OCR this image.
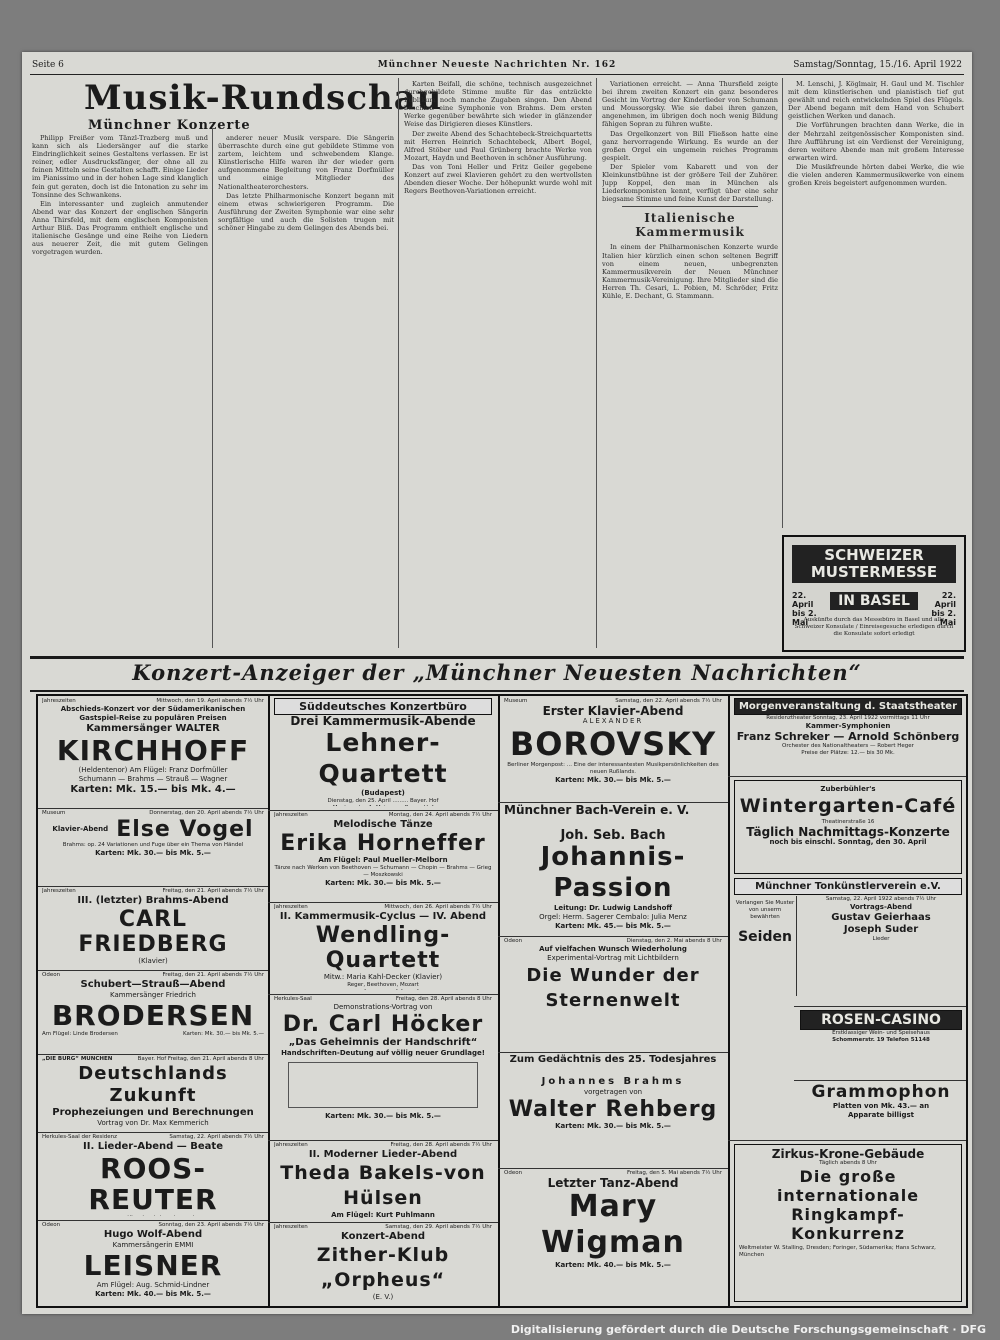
Seite 6	Münchner Neueste Nachrichten Nr. 162	Samstag/Sonntag, 15./16. April 1922
Musik-Rundschau
Münchner Konzerte

Philipp Freißer vom Tänzl-Trazberg muß und kann sich als Liedersänger auf die starke Eindringlichkeit seines Gestaltens verlassen. Er ist reiner, edler Ausdrucksfänger, der ohne all zu feinen Mitteln seine Gestalten schafft. Einige Lieder im Pianissimo und in der hohen Lage sind klanglich fein gut geraten, doch ist die Intonation zu sehr im Tonsinne des Schwankens.

Ein interessanter und zugleich anmutender Abend war das Konzert der englischen Sängerin Anna Thirsfeld, mit dem englischen Komponisten Arthur Bliß. Das Programm enthielt englische und italienische Gesänge und eine Reihe von Liedern aus neuerer Zeit, die mit gutem Gelingen vorgetragen wurden.

anderer neuer Musik verspare. Die Sängerin überraschte durch eine gut gebildete Stimme von zartem, leichtem und schwebendem Klange. Künstlerische Hilfe waren ihr der wieder gern aufgenommene Begleitung von Franz Dorfmüller und einige Mitglieder des Nationaltheaterorchesters.

Das letzte Philharmonische Konzert begann mit einem etwas schwierigeren Programm. Die Ausführung der Zweiten Symphonie war eine sehr sorgfältige und auch die Solisten trugen mit schöner Hingabe zu dem Gelingen des Abends bei.

Karten Beifall, die schöne, technisch ausgezeichnet durchgebildete Stimme mußte für das entzückte Publikum noch manche Zugaben singen. Den Abend beschloß eine Symphonie von Brahms. Dem ersten Werke gegenüber bewährte sich wieder in glänzender Weise das Dirigieren dieses Künstlers.

Der zweite Abend des Schachtebeck-Streichquartetts mit Herren Heinrich Schachtebeck, Albert Bogel, Alfred Stöber und Paul Grünberg brachte Werke von Mozart, Haydn und Beethoven in schöner Ausführung.

Das von Toni Heller und Fritz Geiler gegebene Konzert auf zwei Klavieren gehört zu den wertvollsten Abenden dieser Woche. Der höhepunkt wurde wohl mit Regers Beethoven-Variationen erreicht.

Variationen erreicht. — Anna Thursfield zeigte bei ihrem zweiten Konzert ein ganz besonderes Gesicht im Vortrag der Kinderlieder von Schumann und Moussorgsky. Wie sie dabei ihren ganzen, angenehmen, im übrigen doch noch wenig Bildung fähigen Sopran zu führen wußte.

Das Orgelkonzert von Bill Fließson hatte eine ganz hervorragende Wirkung. Es wurde an der großen Orgel ein ungemein reiches Programm gespielt.

Der Spieler vom Kabarett und von der Kleinkunstbühne ist der größere Teil der Zuhörer. Jupp Koppel, den man in München als Liederkomponisten kennt, verfügt über eine sehr biegsame Stimme und feine Kunst der Darstellung.

Italienische Kammermusik

In einem der Philharmonischen Konzerte wurde Italien hier kürzlich einen schon seltenen Begriff von einem neuen, unbegrenzten Kammermusikverein der Neuen Münchner Kammermusik-Vereinigung. Ihre Mitglieder sind die Herren Th. Cesari, L. Pobien, M. Schröder, Fritz Kühle, E. Dechant, G. Stammann.

M. Lenschi, J. Köglmair, H. Gaul und M. Tischler mit dem künstlerischen und pianistisch tief gut gewählt und reich entwickelnden Spiel des Flügels. Der Abend begann mit dem Hand von Schubert geistlichen Werken und danach.

Die Vorführungen brachten dann Werke, die in der Mehrzahl zeitgenössischer Komponisten sind. Ihre Aufführung ist ein Verdienst der Vereinigung, deren weitere Abende man mit großem Interesse erwarten wird.

Die Musikfreunde hörten dabei Werke, die wie die vielen anderen Kammermusikwerke von einem großen Kreis begeistert aufgenommen wurden.

SCHWEIZER
MUSTERMESSE
22. April bis 2. Mai
IN BASEL	22. April bis 2. Mai
Auskünfte durch das Messebüro in Basel und alle Schweizer Konsulate / Einreisegesuche erledigen durch die Konsulate sofort erledigt
Konzert-Anzeiger der „Münchner Neuesten Nachrichten“
Jahreszeiten	Mittwoch, den 19. April abends 7½ Uhr
Abschieds-Konzert vor der Südamerikanischen Gastspiel-Reise zu populären Preisen
Kammersänger WALTER
KIRCHHOFF
(Heldentenor) Am Flügel: Franz Dorfmüller
Schumann — Brahms — Strauß — Wagner
Karten: Mk. 15.— bis Mk. 4.—
Museum	Donnerstag, den 20. April abends 7½ Uhr
Klavier-Abend Else Vogel
Brahms: op. 24 Variationen und Fuge über ein Thema von Händel
Karten: Mk. 30.— bis Mk. 5.—
Jahreszeiten	Freitag, den 21. April abends 7½ Uhr
III. (letzter) Brahms-Abend
CARL FRIEDBERG
(Klavier)
Odeon	Freitag, den 21. April abends 7½ Uhr
Schubert—Strauß—Abend
Kammersänger Friedrich
BRODERSEN
Am Flügel: Linde Brodersen	Karten: Mk. 30.— bis Mk. 5.—
„DIE BURG“ MÜNCHEN	Bayer. Hof Freitag, den 21. April abends 8 Uhr
Deutschlands Zukunft
Prophezeiungen und Berechnungen
Vortrag von Dr. Max Kemmerich
Herkules-Saal der Residenz	Samstag, 22. April abends 7½ Uhr
II. Lieder-Abend — Beate
ROOS-REUTER
Odeon	Sonntag, den 23. April abends 7½ Uhr
Hugo Wolf-Abend
Kammersängerin EMMI
LEISNER
Am Flügel: Aug. Schmid-Lindner
Karten: Mk. 40.— bis Mk. 5.—
Süddeutsches Konzertbüro
Drei Kammermusik-Abende
Lehner-Quartett
(Budapest)
Dienstag, den 25. April ......... Bayer. Hof
Jahreszeiten	Montag, den 24. April abends 7½ Uhr
Melodische Tänze
Erika Horneffer
Am Flügel: Paul Mueller-Melborn
Tänze nach Werken von Beethoven — Schumann — Chopin — Brahms — Grieg — Moszkowski
Karten: Mk. 30.— bis Mk. 5.—
Jahreszeiten	Mittwoch, den 26. April abends 7½ Uhr
II. Kammermusik-Cyclus — IV. Abend
Wendling-Quartett
Mitw.: Maria Kahl-Decker (Klavier)
Reger, Beethoven, Mozart
Herkules-Saal	Freitag, den 28. April abends 8 Uhr
Demonstrations-Vortrag von
Dr. Carl Höcker
„Das Geheimnis der Handschrift“
Handschriften-Deutung auf völlig neuer Grundlage!
Karten: Mk. 30.— bis Mk. 5.—
Jahreszeiten	Freitag, den 28. April abends 7½ Uhr
II. Moderner Lieder-Abend
Theda Bakels-von Hülsen
Am Flügel: Kurt Puhlmann
Jahreszeiten	Samstag, den 29. April abends 7½ Uhr
Konzert-Abend
Zither-Klub „Orpheus“
(E. V.)
Museum	Samstag, den 22. April abends 7½ Uhr
Erster Klavier-Abend
ALEXANDER
BOROVSKY
Berliner Morgenpost: ... Eine der interessantesten Musikpersönlichkeiten des neuen Rußlands.
Karten: Mk. 30.— bis Mk. 5.—
Münchner Bach-Verein e. V.
Joh. Seb. Bach
Johannis-Passion
Leitung: Dr. Ludwig Landshoff
Orgel: Herm. Sagerer Cembalo: Julia Menz
Karten: Mk. 45.— bis Mk. 5.—
Odeon	Dienstag, den 2. Mai abends 8 Uhr
Auf vielfachen Wunsch Wiederholung
Experimental-Vortrag mit Lichtbildern
Die Wunder der Sternenwelt
Zum Gedächtnis des 25. Todesjahres
Johannes Brahms
vorgetragen von
Walter Rehberg
Karten: Mk. 30.— bis Mk. 5.—
Odeon	Freitag, den 5. Mai abends 7½ Uhr
Letzter Tanz-Abend
Mary Wigman
Karten: Mk. 40.— bis Mk. 5.—
Morgenveranstaltung d. Staatstheater
Residenztheater Sonntag, 23. April 1922 vormittags 11 Uhr
Kammer-Symphonien
Franz Schreker — Arnold Schönberg
Orchester des Nationaltheaters — Robert Heger
Preise der Plätze: 12.— bis 30 Mk.
Zuberbühler's
Wintergarten-Café
Theatinerstraße 16
Täglich Nachmittags-Konzerte
noch bis einschl. Sonntag, den 30. April
Münchner Tonkünstlerverein e.V.
Verlangen Sie Muster von unserm bewährten
Seiden
Samstag, 22. April 1922 abends 7½ Uhr
Vortrags-Abend
Gustav Geierhaas
Joseph Suder
Lieder
ROSEN-CASINO
Erstklassiger Wein- und Speisehaus
Schommerstr. 19 Telefon 51148
Grammophon
Platten von Mk. 43.— an
Apparate billigst
Zirkus-Krone-Gebäude
Täglich abends 8 Uhr
Die große internationale Ringkampf-Konkurrenz
Weltmeister W. Stalling, Dresden; Foringer, Südamerika; Hans Schwarz, München
Digitalisierung gefördert durch die Deutsche Forschungsgemeinschaft · DFG
